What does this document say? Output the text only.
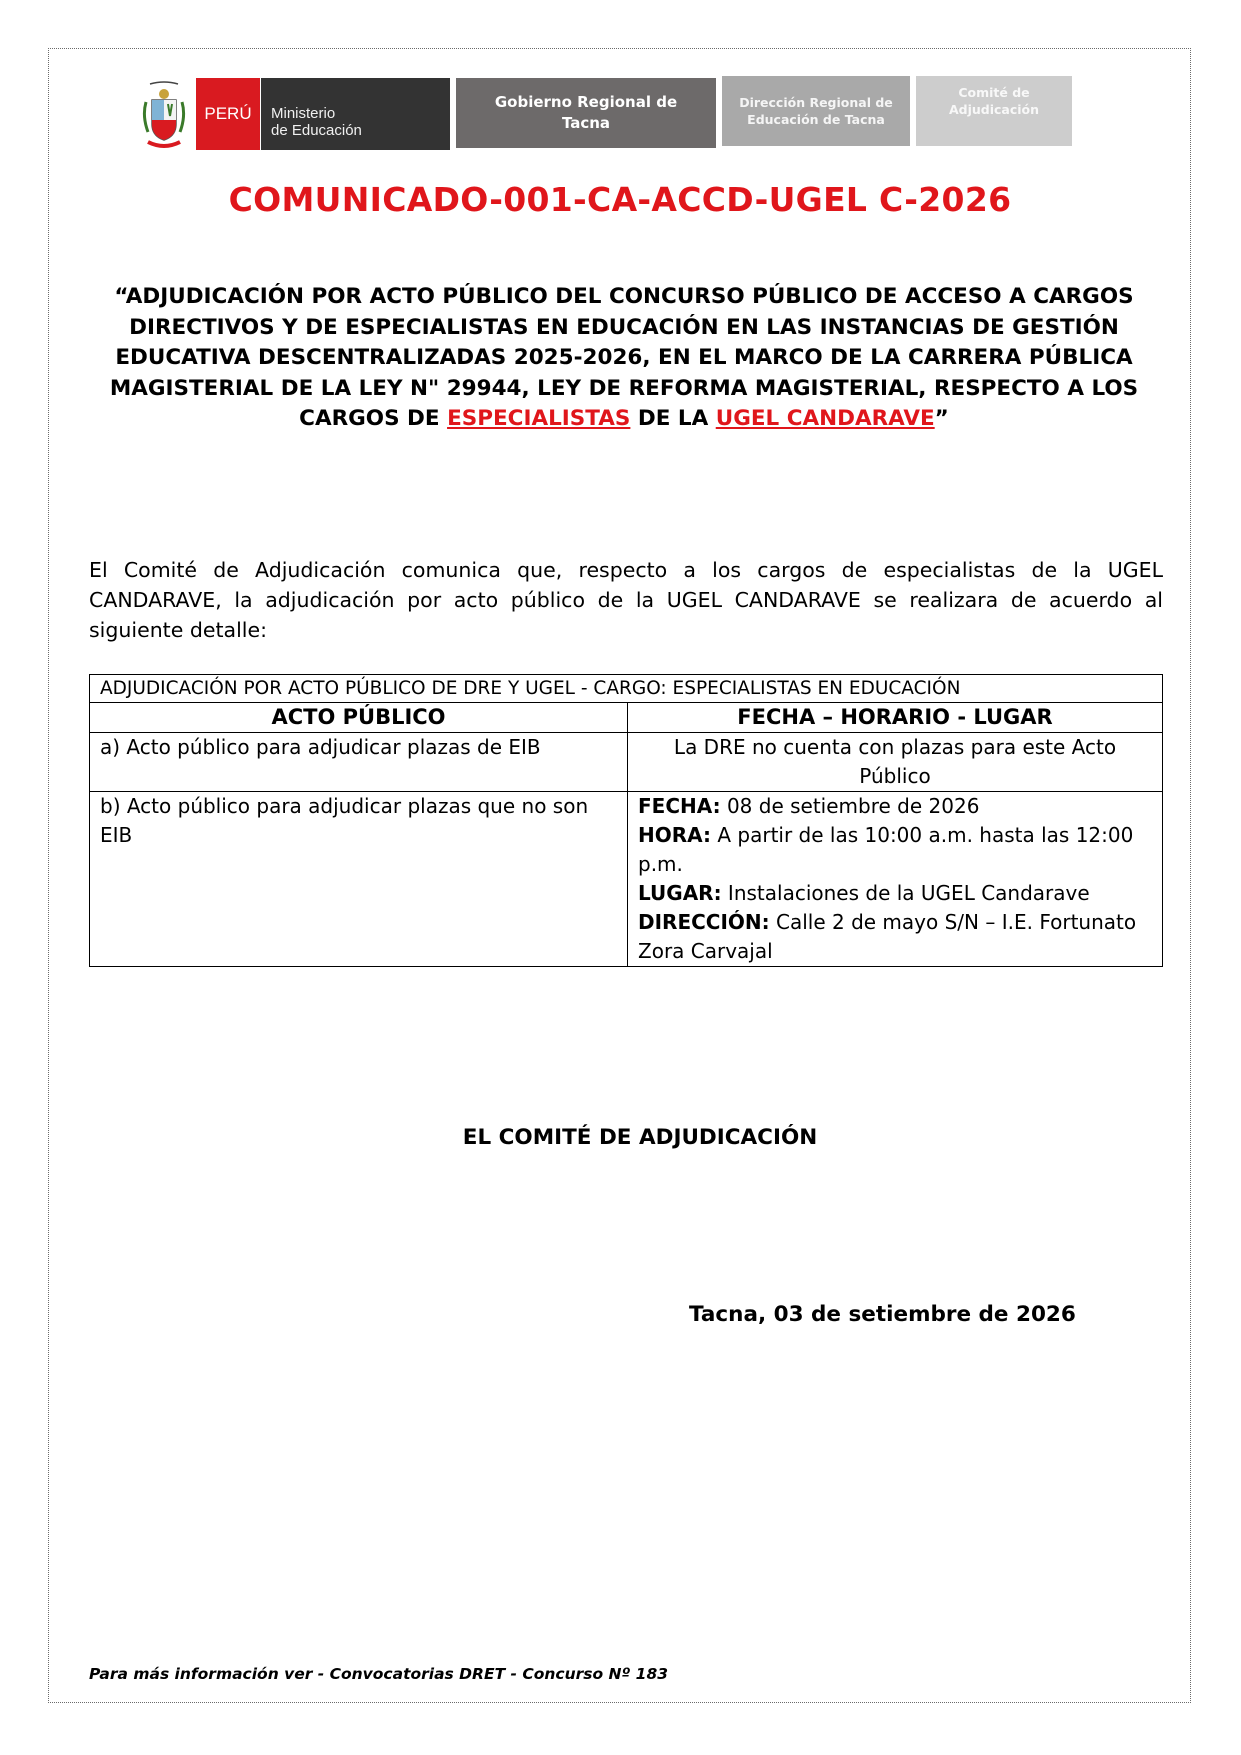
PERÚ Ministerio
de Educación
Gobierno Regional de Tacna
Dirección Regional de Educación de Tacna
Comité de Adjudicación
COMUNICADO-001-CA-ACCD-UGEL C-2026
“ADJUDICACIÓN POR ACTO PÚBLICO DEL CONCURSO PÚBLICO DE ACCESO A CARGOS DIRECTIVOS Y DE ESPECIALISTAS EN EDUCACIÓN EN LAS INSTANCIAS DE GESTIÓN EDUCATIVA DESCENTRALIZADAS 2025-2026, EN EL MARCO DE LA CARRERA PÚBLICA MAGISTERIAL DE LA LEY N" 29944, LEY DE REFORMA MAGISTERIAL, RESPECTO A LOS CARGOS DE ESPECIALISTAS DE LA UGEL CANDARAVE”
El Comité de Adjudicación comunica que, respecto a los cargos de especialistas de la UGEL CANDARAVE, la adjudicación por acto público de la UGEL CANDARAVE se realizara de acuerdo al siguiente detalle:
ADJUDICACIÓN POR ACTO PÚBLICO DE DRE Y UGEL - CARGO: ESPECIALISTAS EN EDUCACIÓN	
ACTO PÚBLICO	FECHA – HORARIO - LUGAR
a) Acto público para adjudicar plazas de EIB	La DRE no cuenta con plazas para este Acto Público
b) Acto público para adjudicar plazas que no son EIB	FECHA: 08 de setiembre de 2026
HORA: A partir de las 10:00 a.m. hasta las 12:00 p.m.
LUGAR: Instalaciones de la UGEL Candarave
DIRECCIÓN: Calle 2 de mayo S/N – I.E. Fortunato Zora Carvajal
EL COMITÉ DE ADJUDICACIÓN
Tacna, 03 de setiembre de 2026
Para más información ver - Convocatorias DRET - Concurso Nº 183
